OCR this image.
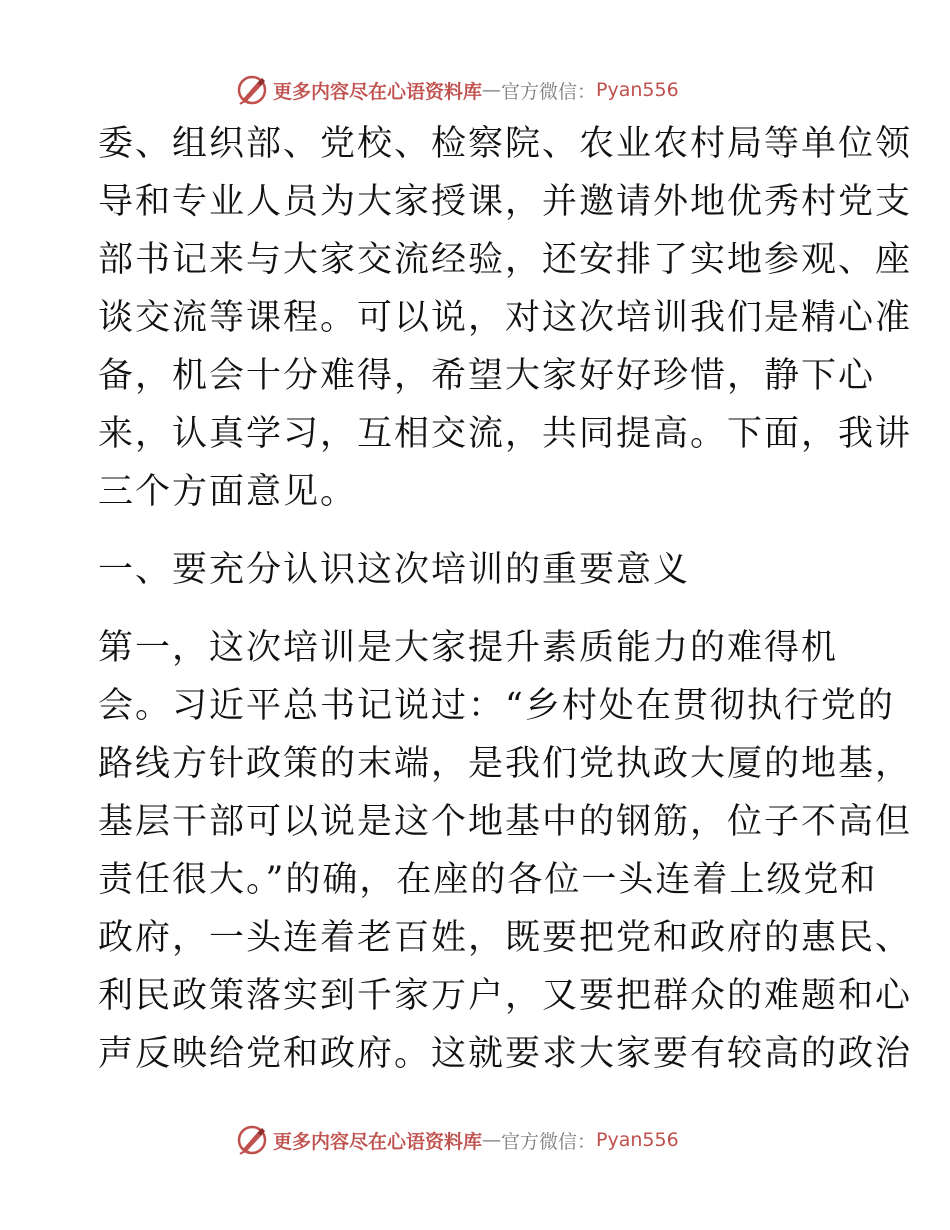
更多内容尽在心语资料库 — 官方微信： Pyan556
委、组织部、党校、检察院、农业农村局等单位领
导和专业人员为大家授课，并邀请外地优秀村党支
部书记来与大家交流经验，还安排了实地参观、座
谈交流等课程。可以说，对这次培训我们是精心准
备，机会十分难得，希望大家好好珍惜，静下心
来，认真学习，互相交流，共同提高。下面，我讲
三个方面意见。
一、要充分认识这次培训的重要意义
第一，这次培训是大家提升素质能力的难得机
会。习近平总书记说过：“乡村处在贯彻执行党的
路线方针政策的末端，是我们党执政大厦的地基，
基层干部可以说是这个地基中的钢筋，位子不高但
责任很大。”的确，在座的各位一头连着上级党和
政府，一头连着老百姓，既要把党和政府的惠民、
利民政策落实到千家万户，又要把群众的难题和心
声反映给党和政府。这就要求大家要有较高的政治
更多内容尽在心语资料库 — 官方微信： Pyan556
